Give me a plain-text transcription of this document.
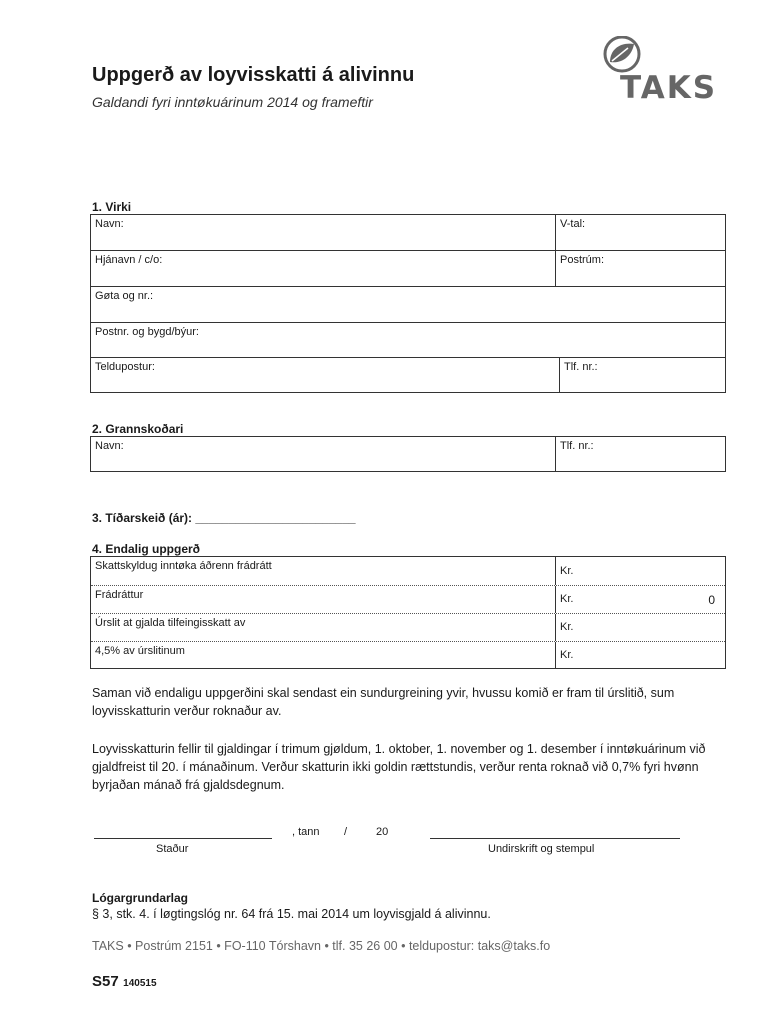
Uppgerð av loyvisskatti á alivinnu
Galdandi fyri inntøkuárinum 2014 og frameftir	TAKS
1. Virki
Navn:	V-tal:
Hjánavn / c/o:	Postrúm:
Gøta og nr.:
Postnr. og bygd/býur:
Teldupostur:	Tlf. nr.:
2. Grannskoðari
Navn:	Tlf. nr.:
3. Tíðarskeið (ár): ________________________
4. Endalig uppgerð
Skattskyldug inntøka áðrenn frádrátt	Kr.
Frádráttur	Kr.	0
Úrslit at gjalda tilfeingisskatt av	Kr.
4,5% av úrslitinum	Kr.
Saman við endaligu uppgerðini skal sendast ein sundurgreining yvir, hvussu komið er fram til úrslitið, sum loyvisskatturin verður roknaður av.
Loyvisskatturin fellir til gjaldingar í trimum gjøldum, 1. oktober, 1. november og 1. desember í inntøkuárinum við gjaldfreist til 20. í mánaðinum. Verður skatturin ikki goldin rættstundis, verður renta roknað við 0,7% fyri hvønn byrjaðan mánað frá gjaldsdegnum.
, tann /	20
Staður	Undirskrift og stempul
Lógargrundarlag
§ 3, stk. 4. í løgtingslóg nr. 64 frá 15. mai 2014 um loyvisgjald á alivinnu.
TAKS • Postrúm 2151 • FO-110 Tórshavn • tlf. 35 26 00 • teldupostur: taks@taks.fo
S57 140515
